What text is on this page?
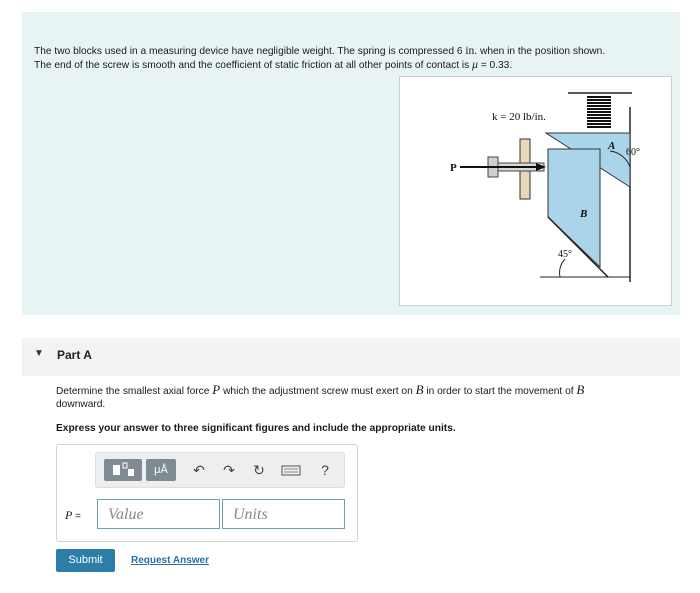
The two blocks used in a measuring device have negligible weight. The spring is compressed 6 in. when in the position shown.
The end of the screw is smooth and the coefficient of static friction at all other points of contact is μ = 0.33.
k = 20 lb/in.
P
A
60°
B
45°
▼ Part A
Determine the smallest axial force P which the adjustment screw must exert on B in order to start the movement of B
downward.
Express your answer to three significant figures and include the appropriate units.
μÅ	↶ ↷ ↻	?
P =	Value	Units
Submit	Request Answer
